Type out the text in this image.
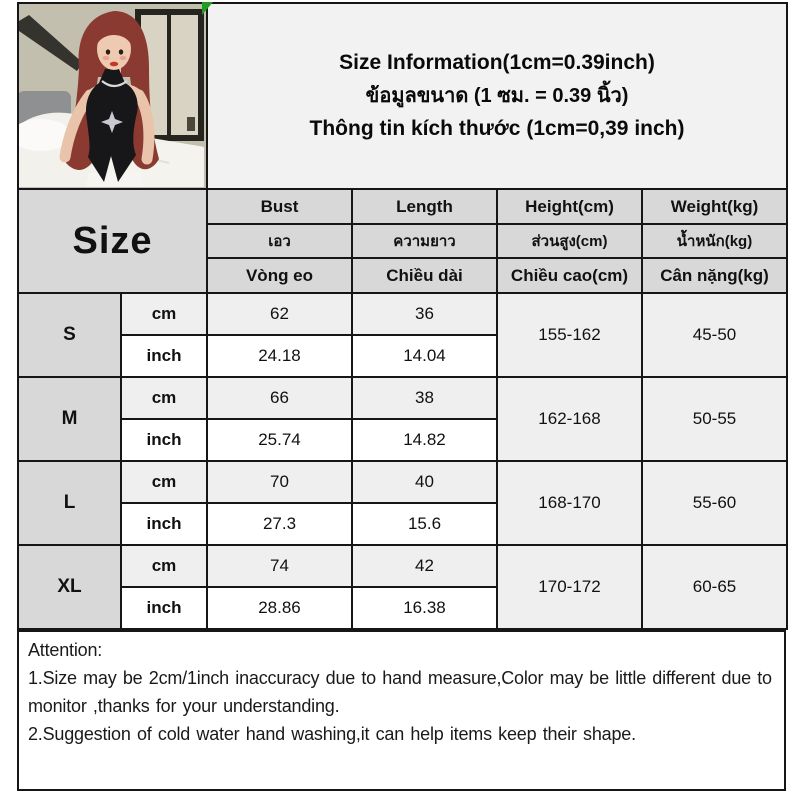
Size Information(1cm=0.39inch)
ข้อมูลขนาด (1 ซม. = 0.39 นิ้ว)
Thông tin kích thước (1cm=0,39 inch)			

Size		Bust	Length	Height(cm)	Weight(kg)
		เอว	ความยาว	ส่วนสูง(cm)	น้ำหนัก(kg)
		Vòng eo	Chiều dài	Chiều cao(cm)	Cân nặng(kg)
S	cm	62	36	155-162	45-50
	inch	24.18	14.04		
M	cm	66	38	162-168	50-55
	inch	25.74	14.82		
L	cm	70	40	168-170	55-60
	inch	27.3	15.6		
XL	cm	74	42	170-172	60-65
	inch	28.86	16.38		
Attention:
1.Size may be 2cm/1inch inaccuracy due to hand measure,Color may be little different due to monitor ,thanks for your understanding.
2.Suggestion of cold water hand washing,it can help items keep their shape.
